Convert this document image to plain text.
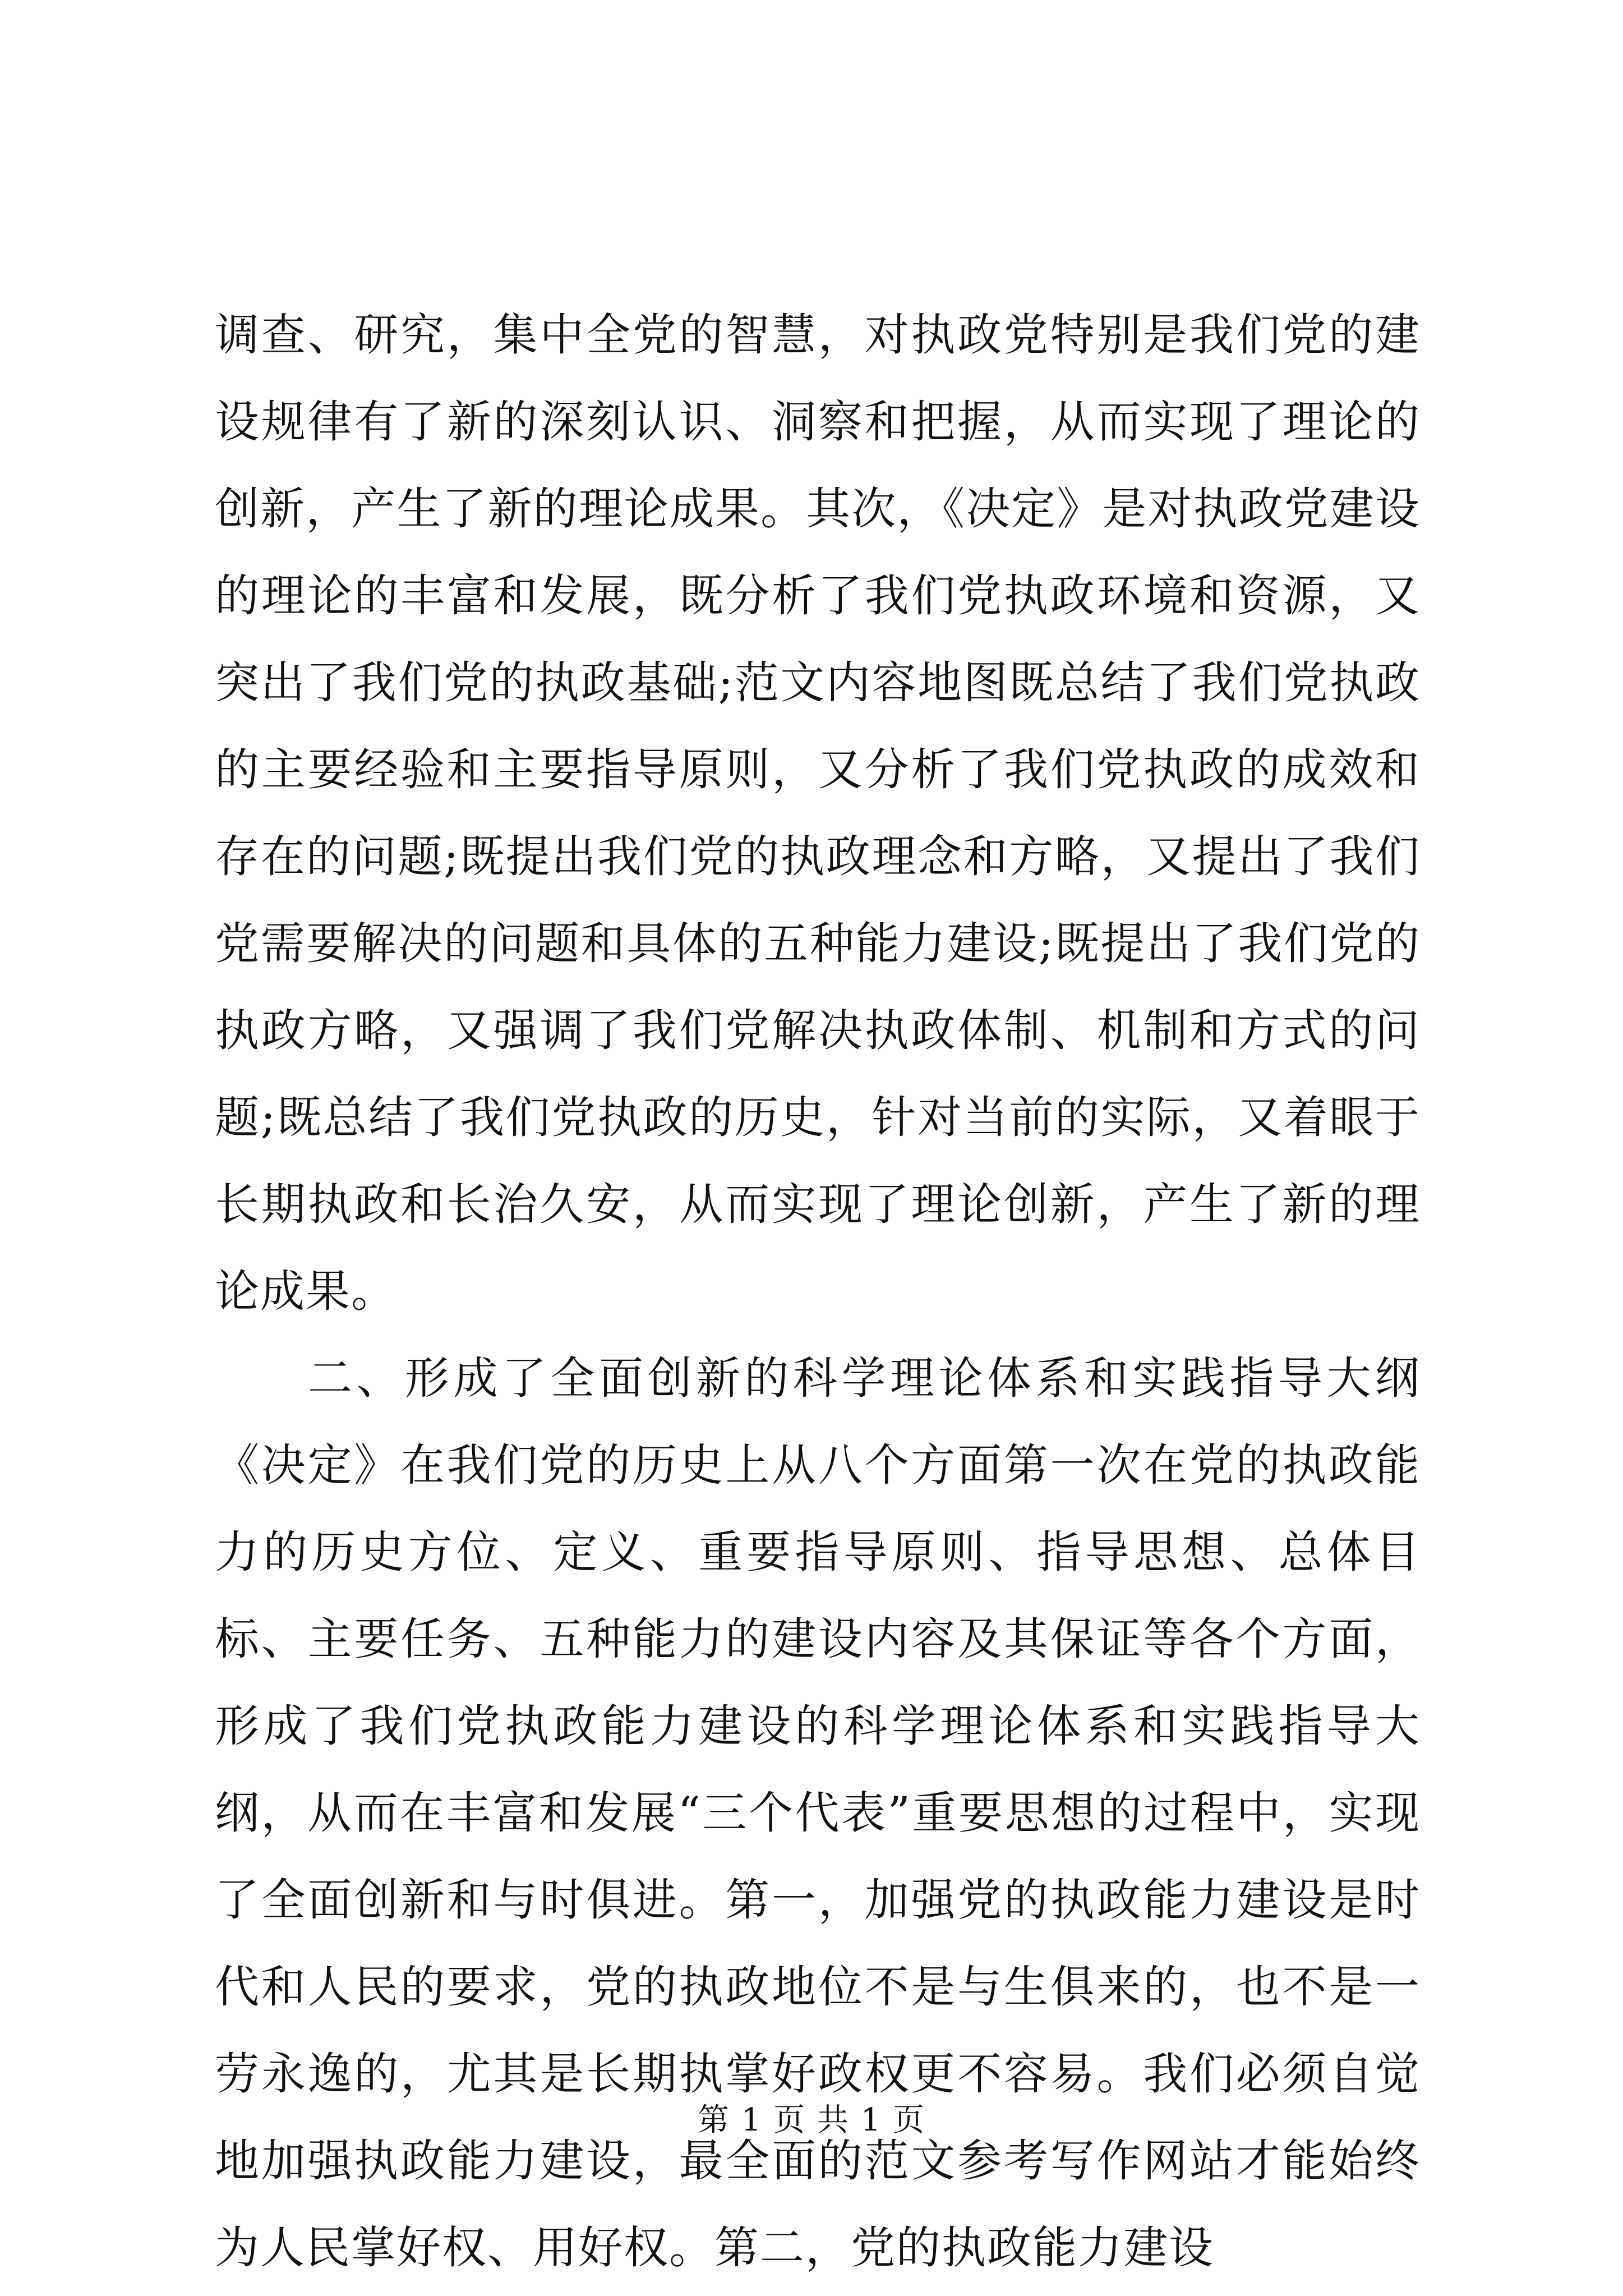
调查、研究，集中全党的智慧，对执政党特别是我们党的建设规律有了新的深刻认识、洞察和把握，从而实现了理论的创新，产生了新的理论成果。其次，《决定》是对执政党建设的理论的丰富和发展，既分析了我们党执政环境和资源，又突出了我们党的执政基础;范文内容地图既总结了我们党执政的主要经验和主要指导原则，又分析了我们党执政的成效和存在的问题;既提出我们党的执政理念和方略，又提出了我们党需要解决的问题和具体的五种能力建设;既提出了我们党的执政方略，又强调了我们党解决执政体制、机制和方式的问题;既总结了我们党执政的历史，针对当前的实际，又着眼于长期执政和长治久安，从而实现了理论创新，产生了新的理论成果。

二、形成了全面创新的科学理论体系和实践指导大纲《决定》在我们党的历史上从八个方面第一次在党的执政能力的历史方位、定义、重要指导原则、指导思想、总体目标、主要任务、五种能力的建设内容及其保证等各个方面，形成了我们党执政能力建设的科学理论体系和实践指导大纲，从而在丰富和发展“三个代表”重要思想的过程中，实现了全面创新和与时俱进。第一，加强党的执政能力建设是时代和人民的要求，党的执政地位不是与生俱来的，也不是一劳永逸的，尤其是长期执掌好政权更不容易。我们必须自觉地加强执政能力建设，最全面的范文参考写作网站才能始终为人民掌好权、用好权。第二，党的执政能力建设

第 1 页 共 1 页
